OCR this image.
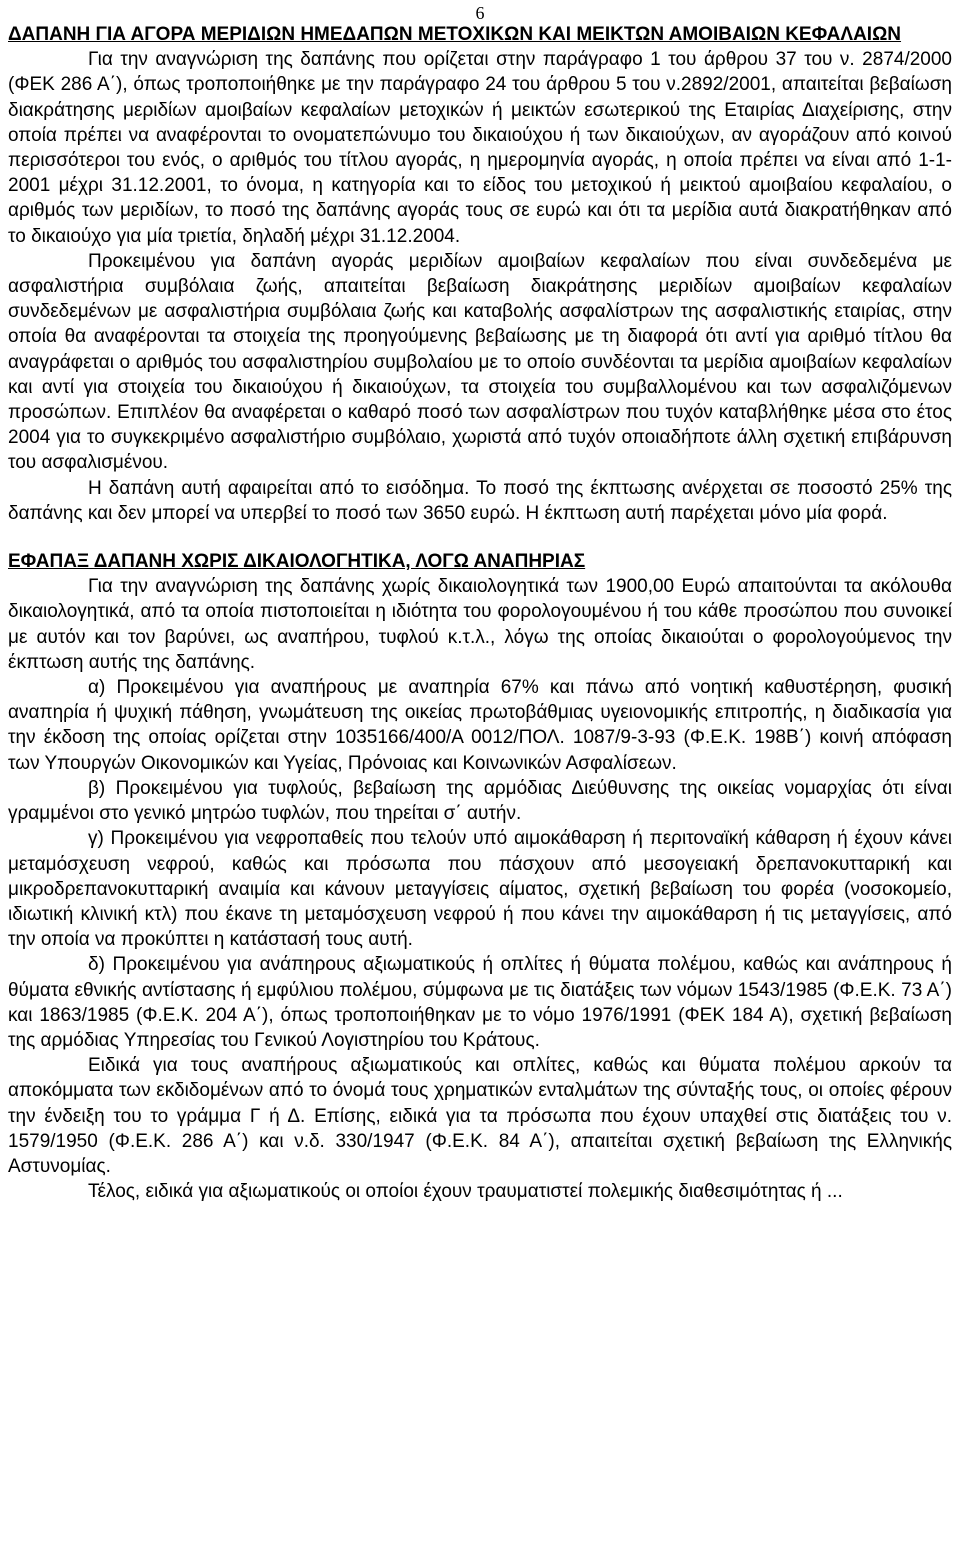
6

ΔΑΠΑΝΗ ΓΙΑ ΑΓΟΡΑ ΜΕΡΙΔΙΩΝ ΗΜΕΔΑΠΩΝ ΜΕΤΟΧΙΚΩΝ ΚΑΙ ΜΕΙΚΤΩΝ ΑΜΟΙΒΑΙΩΝ ΚΕΦΑΛΑΙΩΝ

Για την αναγνώριση της δαπάνης που ορίζεται στην παράγραφο 1 του άρθρου 37 του ν. 2874/2000 (ΦΕΚ 286 Α΄), όπως τροποποιήθηκε με την παράγραφο 24 του άρθρου 5 του ν.2892/2001, απαιτείται βεβαίωση διακράτησης μεριδίων αμοιβαίων κεφαλαίων μετοχικών ή μεικτών εσωτερικού της Εταιρίας Διαχείρισης, στην οποία πρέπει να αναφέρονται το ονοματεπώνυμο του δικαιούχου ή των δικαιούχων, αν αγοράζουν από κοινού περισσότεροι του ενός, ο αριθμός του τίτλου αγοράς, η ημερομηνία αγοράς, η οποία πρέπει να είναι από 1-1-2001 μέχρι 31.12.2001, το όνομα, η κατηγορία και το είδος του μετοχικού ή μεικτού αμοιβαίου κεφαλαίου, ο αριθμός των μεριδίων, το ποσό της δαπάνης αγοράς τους σε ευρώ και ότι τα μερίδια αυτά διακρατήθηκαν από το δικαιούχο για μία τριετία, δηλαδή μέχρι 31.12.2004.

Προκειμένου για δαπάνη αγοράς μεριδίων αμοιβαίων κεφαλαίων που είναι συνδεδεμένα με ασφαλιστήρια συμβόλαια ζωής, απαιτείται βεβαίωση διακράτησης μεριδίων αμοιβαίων κεφαλαίων συνδεδεμένων με ασφαλιστήρια συμβόλαια ζωής και καταβολής ασφαλίστρων της ασφαλιστικής εταιρίας, στην οποία θα αναφέρονται τα στοιχεία της προηγούμενης βεβαίωσης με τη διαφορά ότι αντί για αριθμό τίτλου θα αναγράφεται ο αριθμός του ασφαλιστηρίου συμβολαίου με το οποίο συνδέονται τα μερίδια αμοιβαίων κεφαλαίων και αντί για στοιχεία του δικαιούχου ή δικαιούχων, τα στοιχεία του συμβαλλομένου και των ασφαλιζόμενων προσώπων. Επιπλέον θα αναφέρεται ο καθαρό ποσό των ασφαλίστρων που τυχόν καταβλήθηκε μέσα στο έτος 2004 για το συγκεκριμένο ασφαλιστήριο συμβόλαιο, χωριστά από τυχόν οποιαδήποτε άλλη σχετική επιβάρυνση του ασφαλισμένου.

Η δαπάνη αυτή αφαιρείται από το εισόδημα. Το ποσό της έκπτωσης ανέρχεται σε ποσοστό 25% της δαπάνης και δεν μπορεί να υπερβεί το ποσό των 3650 ευρώ. Η έκπτωση αυτή παρέχεται μόνο μία φορά.

ΕΦΑΠΑΞ ΔΑΠΑΝΗ ΧΩΡΙΣ ΔΙΚΑΙΟΛΟΓΗΤΙΚΑ, ΛΟΓΩ ΑΝΑΠΗΡΙΑΣ

Για την αναγνώριση της δαπάνης χωρίς δικαιολογητικά των 1900,00 Ευρώ απαιτούνται τα ακόλουθα δικαιολογητικά, από τα οποία πιστοποιείται η ιδιότητα του φορολογουμένου ή του κάθε προσώπου που συνοικεί με αυτόν και τον βαρύνει, ως αναπήρου, τυφλού κ.τ.λ., λόγω της οποίας δικαιούται ο φορολογούμενος την έκπτωση αυτής της δαπάνης.

α) Προκειμένου για αναπήρους με αναπηρία 67% και πάνω από νοητική καθυστέρηση, φυσική αναπηρία ή ψυχική πάθηση, γνωμάτευση της οικείας πρωτοβάθμιας υγειονομικής επιτροπής, η διαδικασία για την έκδοση της οποίας ορίζεται στην 1035166/400/Α 0012/ΠΟΛ. 1087/9-3-93 (Φ.Ε.Κ. 198Β΄) κοινή απόφαση των Υπουργών Οικονομικών και Υγείας, Πρόνοιας και Κοινωνικών Ασφαλίσεων.

β) Προκειμένου για τυφλούς, βεβαίωση της αρμόδιας Διεύθυνσης της οικείας νομαρχίας ότι είναι γραμμένοι στο γενικό μητρώο τυφλών, που τηρείται σ΄ αυτήν.

γ) Προκειμένου για νεφροπαθείς που τελούν υπό αιμοκάθαρση ή περιτοναϊκή κάθαρση ή έχουν κάνει μεταμόσχευση νεφρού, καθώς και πρόσωπα που πάσχουν από μεσογειακή δρεπανοκυτταρική και μικροδρεπανοκυτταρική αναιμία και κάνουν μεταγγίσεις αίματος, σχετική βεβαίωση του φορέα (νοσοκομείο, ιδιωτική κλινική κτλ) που έκανε τη μεταμόσχευση νεφρού ή που κάνει την αιμοκάθαρση ή τις μεταγγίσεις, από την οποία να προκύπτει η κατάστασή τους αυτή.

δ) Προκειμένου για ανάπηρους αξιωματικούς ή οπλίτες ή θύματα πολέμου, καθώς και ανάπηρους ή θύματα εθνικής αντίστασης ή εμφύλιου πολέμου, σύμφωνα με τις διατάξεις των νόμων 1543/1985 (Φ.Ε.Κ. 73 Α΄) και 1863/1985 (Φ.Ε.Κ. 204 Α΄), όπως τροποποιήθηκαν με το νόμο 1976/1991 (ΦΕΚ 184 Α), σχετική βεβαίωση της αρμόδιας Υπηρεσίας του Γενικού Λογιστηρίου του Κράτους.

Ειδικά για τους αναπήρους αξιωματικούς και οπλίτες, καθώς και θύματα πολέμου αρκούν τα αποκόμματα των εκδιδομένων από το όνομά τους χρηματικών ενταλμάτων της σύνταξής τους, οι οποίες φέρουν την ένδειξη του το γράμμα Γ ή Δ. Επίσης, ειδικά για τα πρόσωπα που έχουν υπαχθεί στις διατάξεις του ν. 1579/1950 (Φ.Ε.Κ. 286 Α΄) και ν.δ. 330/1947 (Φ.Ε.Κ. 84 Α΄), απαιτείται σχετική βεβαίωση της Ελληνικής Αστυνομίας.

Τέλος, ειδικά για αξιωματικούς οι οποίοι έχουν τραυματιστεί πολεμικής διαθεσιμότητας ή ...
